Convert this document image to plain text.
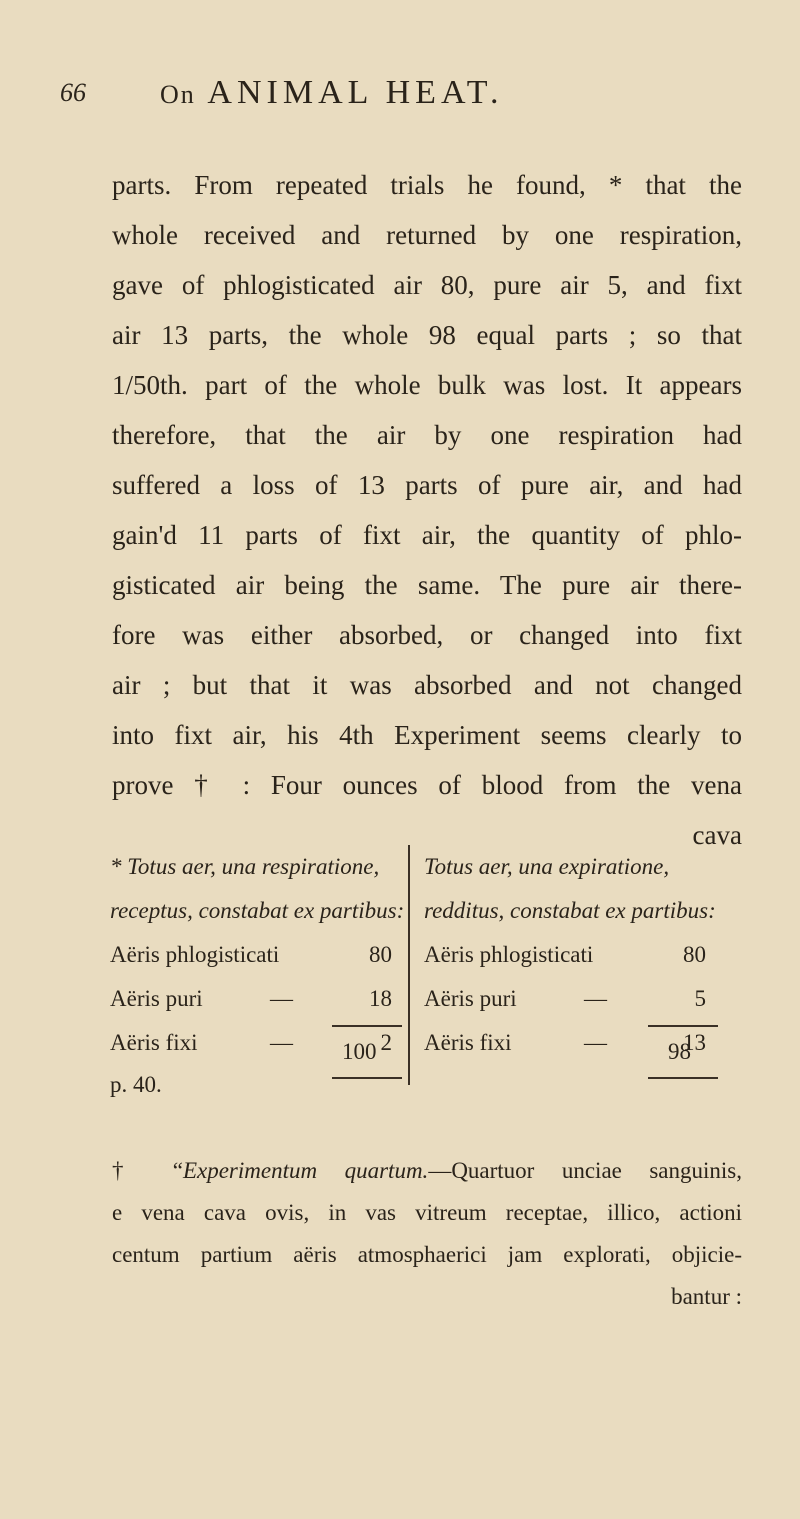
66	On ANIMAL HEAT.
parts. From repeated trials he found, * that the
whole received and returned by one respiration,
gave of phlogisticated air 80, pure air 5, and fixt
air 13 parts, the whole 98 equal parts ; so that
1/50th. part of the whole bulk was lost. It appears
therefore, that the air by one respiration had
suffered a loss of 13 parts of pure air, and had
gain'd 11 parts of fixt air, the quantity of phlo-
gisticated air being the same. The pure air there-
fore was either absorbed, or changed into fixt
air ; but that it was absorbed and not changed
into fixt air, his 4th Experiment seems clearly to
prove † : Four ounces of blood from the vena
cava
* Totus aer, una respiratione,
receptus, constabat ex partibus:
Aëris phlogisticati	80
Aëris puri	—	18
Aëris fixi	—	2
100
Totus aer, una expiratione,
redditus, constabat ex partibus:
Aëris phlogisticati	80
Aëris puri	—	5
Aëris fixi	—	13
98
p. 40.
† “Experimentum quartum.—Quartuor unciae sanguinis,
e vena cava ovis, in vas vitreum receptae, illico, actioni
centum partium aëris atmosphaerici jam explorati, objicie-
bantur :
